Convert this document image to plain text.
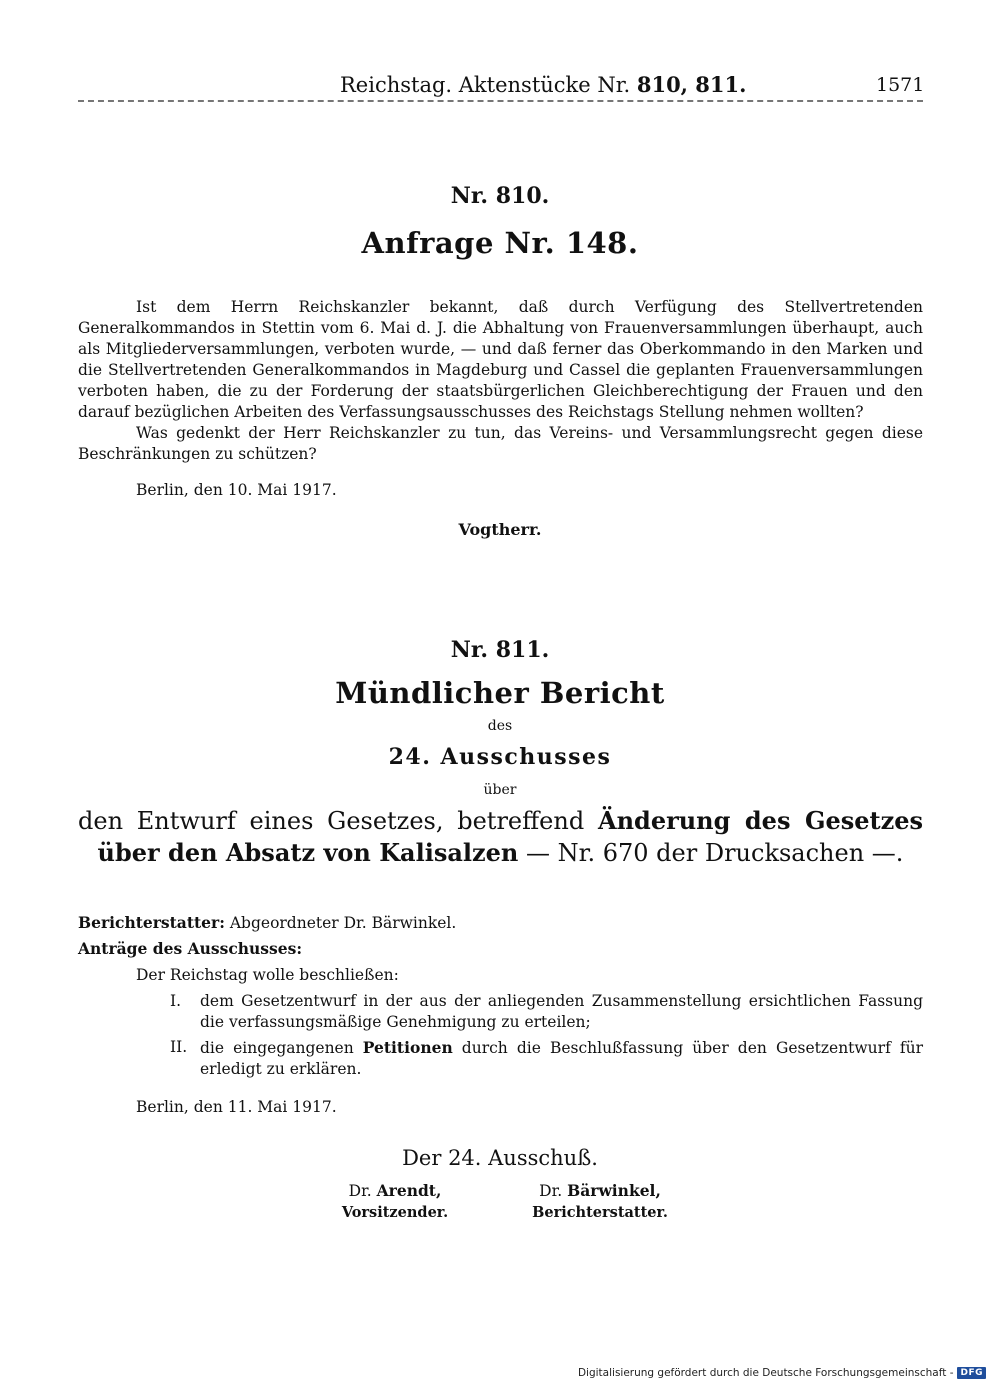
Reichstag. Aktenstücke Nr. 810, 811.	1571
Nr. 810.
Anfrage Nr. 148.
Ist dem Herrn Reichskanzler bekannt, daß durch Verfügung des Stellvertretenden Generalkommandos in Stettin vom 6. Mai d. J. die Abhaltung von Frauenversammlungen überhaupt, auch als Mitgliederversammlungen, verboten wurde, — und daß ferner das Oberkommando in den Marken und die Stellvertretenden Generalkommandos in Magdeburg und Cassel die geplanten Frauenversammlungen verboten haben, die zu der Forderung der staatsbürgerlichen Gleichberechtigung der Frauen und den darauf bezüglichen Arbeiten des Verfassungsausschusses des Reichstags Stellung nehmen wollten?
Was gedenkt der Herr Reichskanzler zu tun, das Vereins- und Versammlungsrecht gegen diese Beschränkungen zu schützen?
Berlin, den 10. Mai 1917.
Vogtherr.
Nr. 811.
Mündlicher Bericht
des
24. Ausschusses
über
den Entwurf eines Gesetzes, betreffend Änderung des Gesetzes über den Absatz von Kalisalzen — Nr. 670 der Drucksachen —.
Berichterstatter: Abgeordneter Dr. Bärwinkel.
Anträge des Ausschusses:
Der Reichstag wolle beschließen:
I. dem Gesetzentwurf in der aus der anliegenden Zusammenstellung ersichtlichen Fassung die verfassungsmäßige Genehmigung zu erteilen;
II. die eingegangenen Petitionen durch die Beschlußfassung über den Gesetzentwurf für erledigt zu erklären.
Berlin, den 11. Mai 1917.
Der 24. Ausschuß.
Dr. Arendt,
Vorsitzender.
Dr. Bärwinkel,
Berichterstatter.
Digitalisierung gefördert durch die Deutsche Forschungsgemeinschaft - DFG
